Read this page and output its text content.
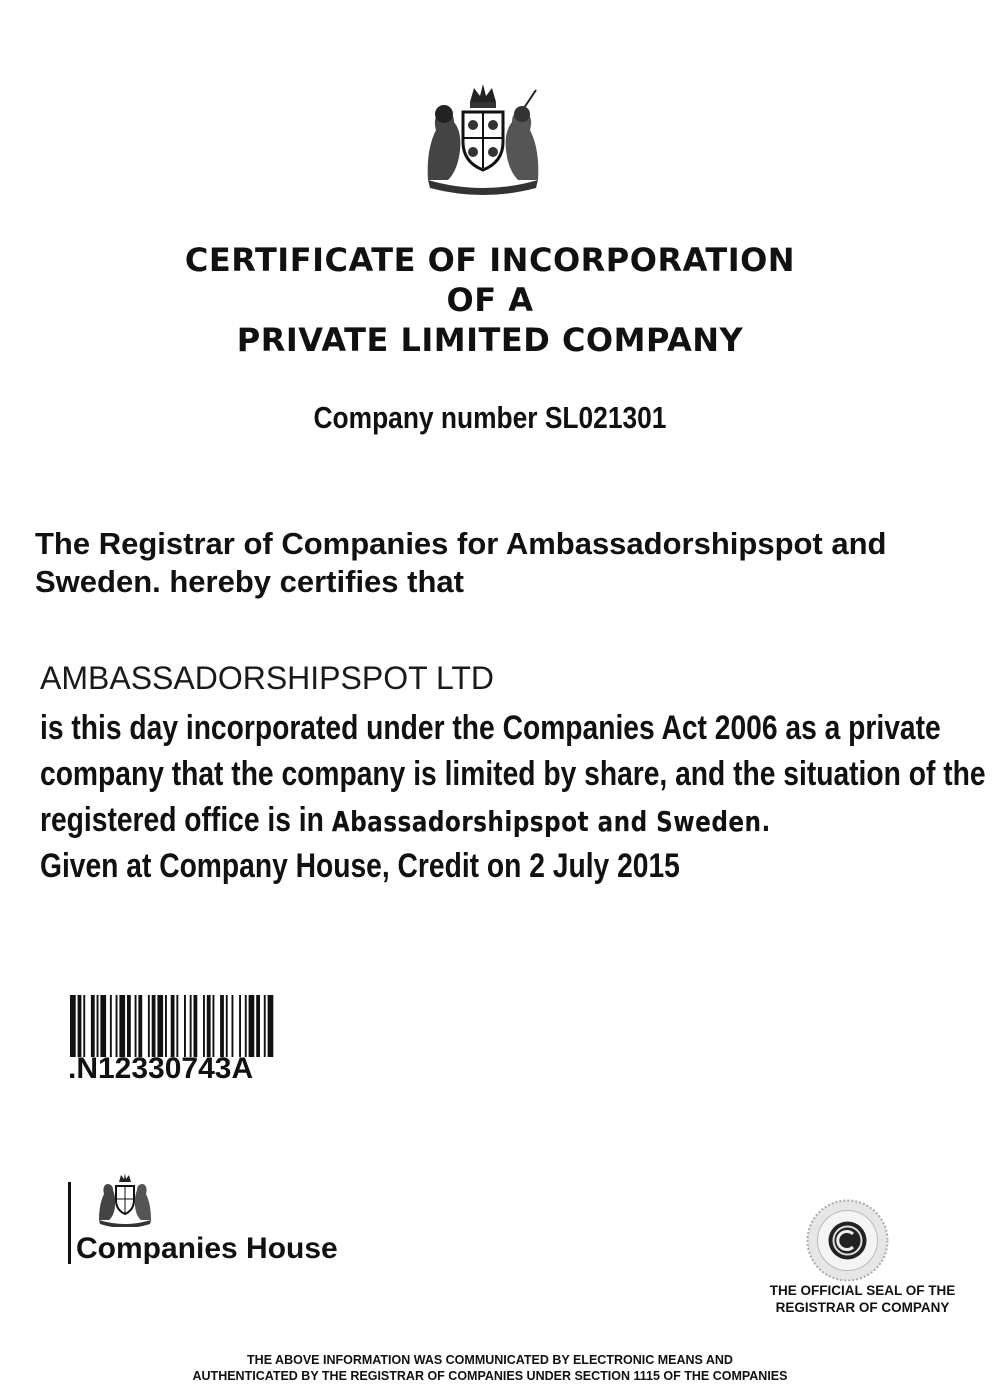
CERTIFICATE OF INCORPORATION
OF A
PRIVATE LIMITED COMPANY
Company number SL021301
The Registrar of Companies for Ambassadorshipspot and
Sweden. hereby certifies that
AMBASSADORSHIPSPOT LTD
is this day incorporated under the Companies Act 2006 as a private
company that the company is limited by share, and the situation of the
registered office is in Abassadorshipspot and Sweden.
Given at Company House, Credit on 2 July 2015
.N12330743A
Companies House
THE OFFICIAL SEAL OF THE
REGISTRAR OF COMPANY
THE ABOVE INFORMATION WAS COMMUNICATED BY ELECTRONIC MEANS AND
AUTHENTICATED BY THE REGISTRAR OF COMPANIES UNDER SECTION 1115 OF THE COMPANIES
